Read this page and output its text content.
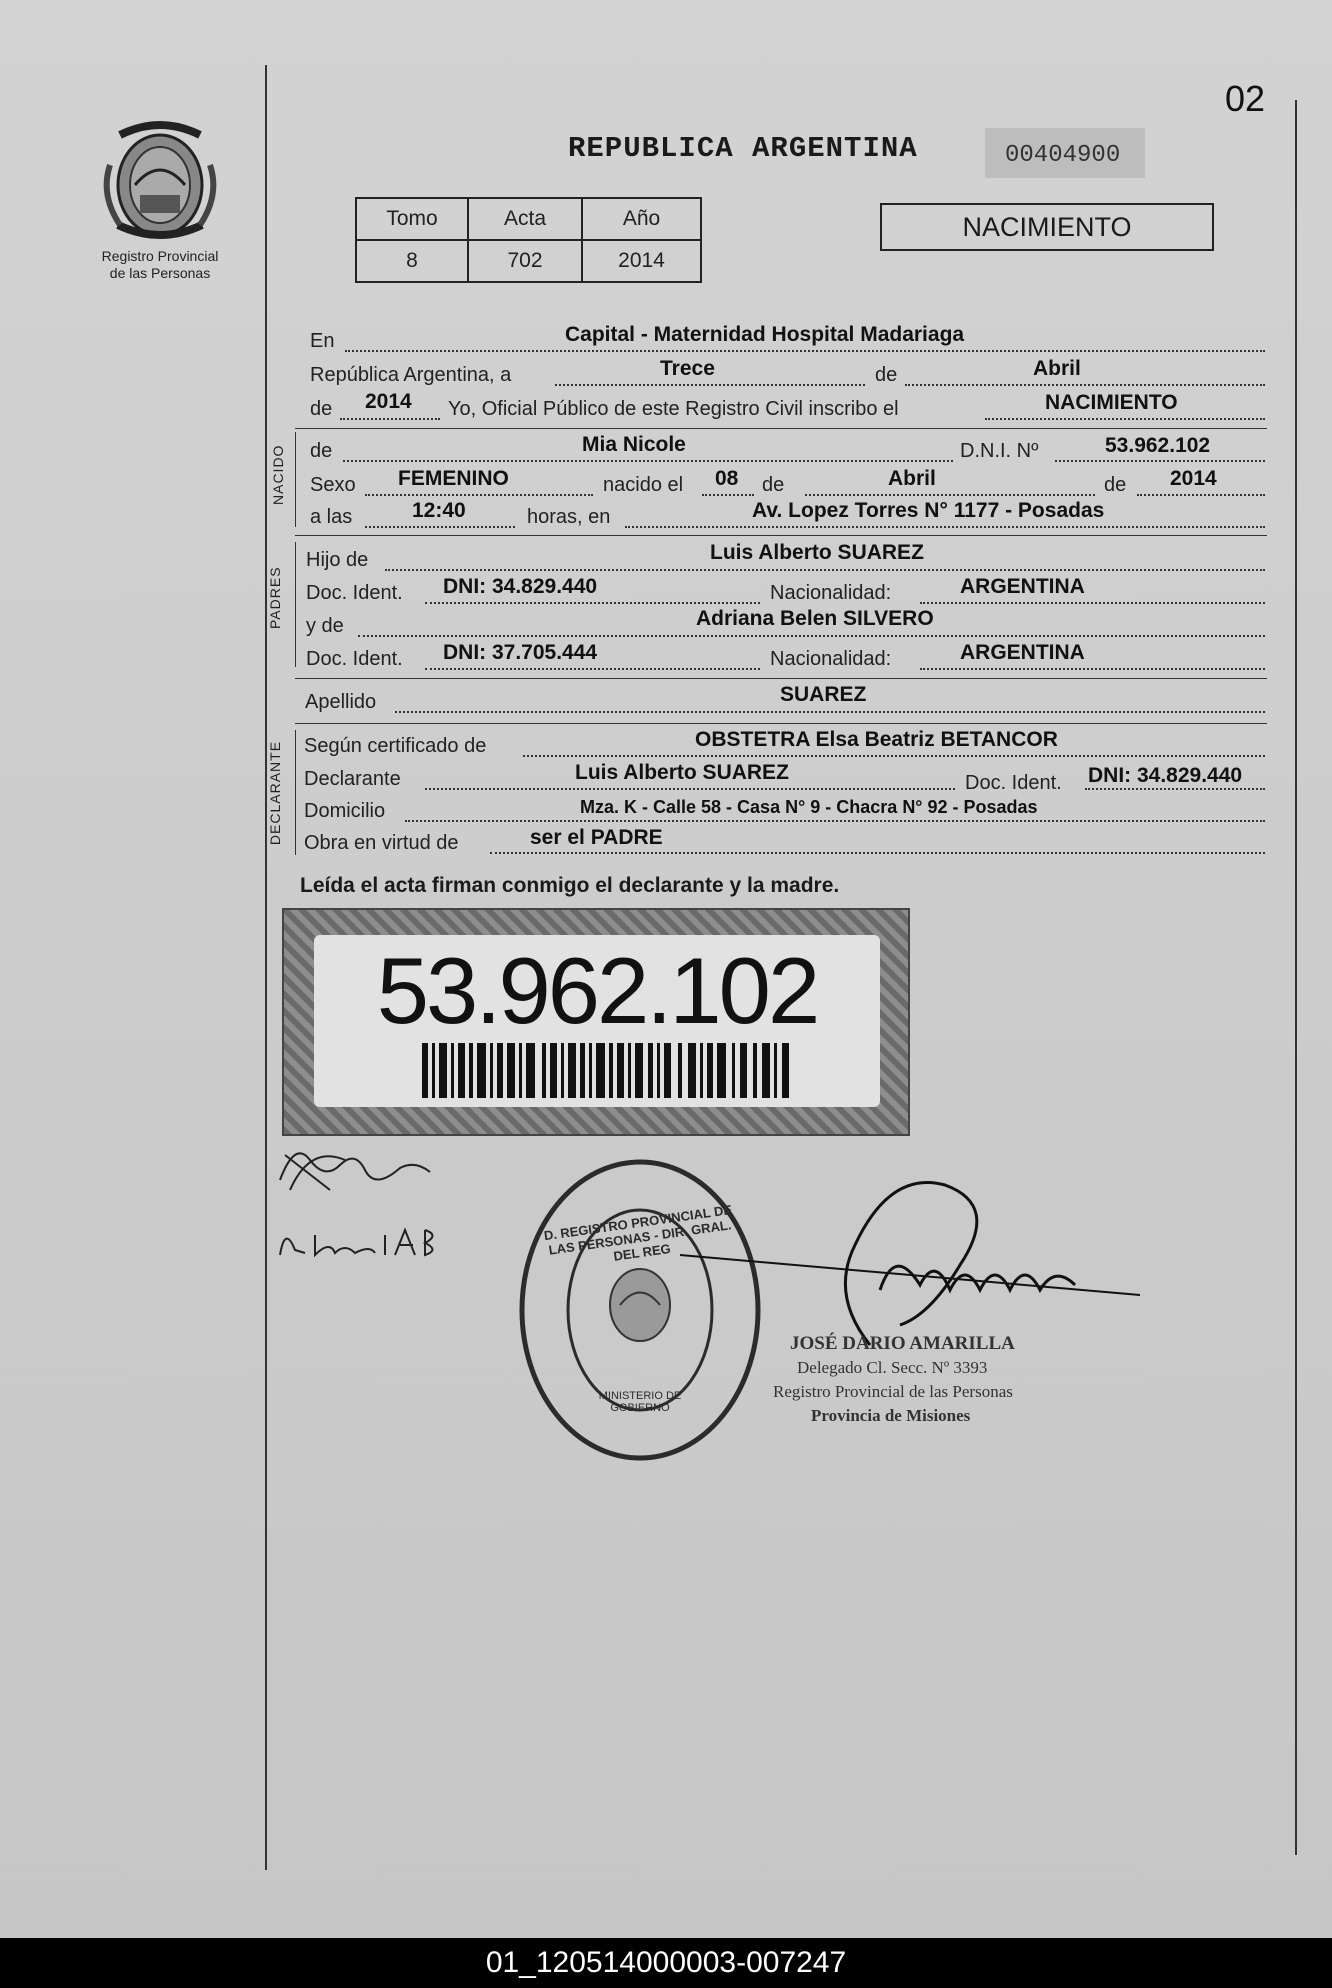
02
Registro Provincial
de las Personas
REPUBLICA ARGENTINA	00404900
Tomo	Acta	Año
8	702	2014
NACIMIENTO
En	Capital - Maternidad Hospital Madariaga
República Argentina, a	Trece	de	Abril
de 2014 Yo, Oficial Público de este Registro Civil inscribo el	NACIMIENTO
NACIDO de	Mia Nicole	D.N.I. Nº	53.962.102
Sexo FEMENINO	nacido el 08 de	Abril	de 2014
a las	12:40	horas, en	Av. Lopez Torres N° 1177 - Posadas
PADRES
Hijo de	Luis Alberto SUAREZ
Doc. Ident. DNI: 34.829.440	Nacionalidad:	ARGENTINA
y de	Adriana Belen SILVERO
Doc. Ident. DNI: 37.705.444	Nacionalidad:	ARGENTINA
Apellido	SUAREZ
DECLARANTE Según certificado de	OBSTETRA Elsa Beatriz BETANCOR
Declarante	Luis Alberto SUAREZ	Doc. Ident. DNI: 34.829.440
Domicilio	Mza. K - Calle 58 - Casa N° 9 - Chacra N° 92 - Posadas
Obra en virtud de	ser el PADRE
Leída el acta firman conmigo el declarante y la madre.
53.962.102
D. REGISTRO PROVINCIAL DE LAS PERSONAS - DIR. GRAL. DEL REG
MINISTERIO DE GOBIERNO
JOSÉ DARIO AMARILLA
Delegado Cl. Secc. Nº 3393
Registro Provincial de las Personas
Provincia de Misiones
01_120514000003-007247
